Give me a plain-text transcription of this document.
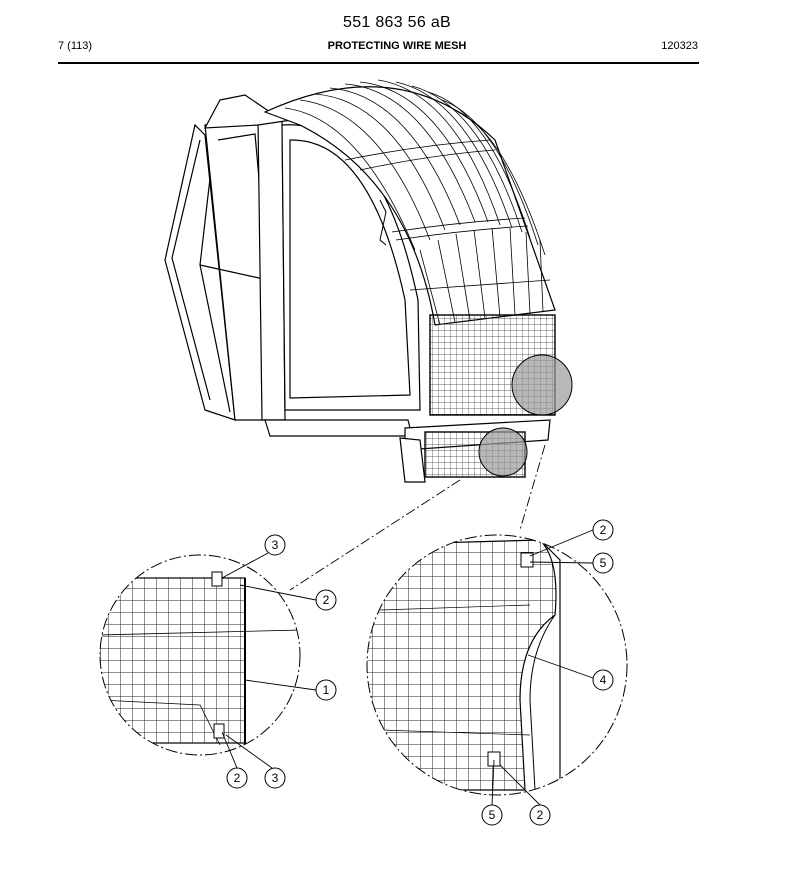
551 863 56 aB
7 (113)	PROTECTING WIRE MESH	120323
3
2
1
2	3
2
5
4
5	2
